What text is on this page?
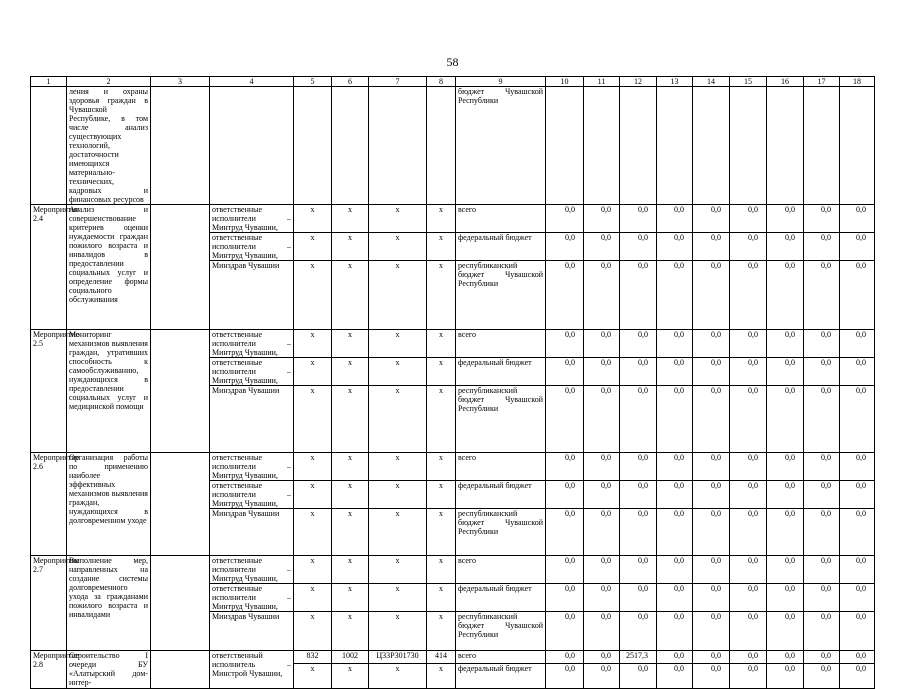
58
1	2	3	4	5	6	7	8	9	10	11	12	13	14	15	16	17	18
	ления и охраны здоровья граждан в Чувашской Республике, в том числе анализ существующих технологий, достаточности имеющихся материально-технических, кадровых и финансовых ресурсов							бюджет Чувашской Республики									
Мероприятие 2.4	Анализ и совершенствование критериев оценки нуждаемости граждан пожилого возраста и инвалидов в предоставлении социальных услуг и определение формы социального обслуживания		ответственные исполнители – Минтруд Чувашии,	x	x	x	x	всего	0,0	0,0	0,0	0,0	0,0	0,0	0,0	0,0	0,0
			ответственные исполнители – Минтруд Чувашии,	x	x	x	x	федеральный бюджет	0,0	0,0	0,0	0,0	0,0	0,0	0,0	0,0	0,0
			Минздрав Чувашии	x	x	x	x	республиканский бюджет Чувашской Республики	0,0	0,0	0,0	0,0	0,0	0,0	0,0	0,0	0,0
Мероприятие 2.5	Мониторинг механизмов выявления граждан, утративших способность к самообслуживанию, нуждающихся в предоставлении социальных услуг и медицинской помощи		ответственные исполнители – Минтруд Чувашии,	x	x	x	x	всего	0,0	0,0	0,0	0,0	0,0	0,0	0,0	0,0	0,0
			ответственные исполнители – Минтруд Чувашии,	x	x	x	x	федеральный бюджет	0,0	0,0	0,0	0,0	0,0	0,0	0,0	0,0	0,0
			Минздрав Чувашии	x	x	x	x	республиканский бюджет Чувашской Республики	0,0	0,0	0,0	0,0	0,0	0,0	0,0	0,0	0,0
Мероприятие 2.6	Организация работы по применению наиболее эффективных механизмов выявления граждан, нуждающихся в долговременном уходе		ответственные исполнители – Минтруд Чувашии,	x	x	x	x	всего	0,0	0,0	0,0	0,0	0,0	0,0	0,0	0,0	0,0
			ответственные исполнители – Минтруд Чувашии,	x	x	x	x	федеральный бюджет	0,0	0,0	0,0	0,0	0,0	0,0	0,0	0,0	0,0
			Минздрав Чувашии	x	x	x	x	республиканский бюджет Чувашской Республики	0,0	0,0	0,0	0,0	0,0	0,0	0,0	0,0	0,0
Мероприятие 2.7	Выполнение мер, направленных на создание системы долговременного ухода за гражданами пожилого возраста и инвалидами		ответственные исполнители – Минтруд Чувашии,	x	x	x	x	всего	0,0	0,0	0,0	0,0	0,0	0,0	0,0	0,0	0,0
			ответственные исполнители – Минтруд Чувашии,	x	x	x	x	федеральный бюджет	0,0	0,0	0,0	0,0	0,0	0,0	0,0	0,0	0,0
			Минздрав Чувашии	x	x	x	x	республиканский бюджет Чувашской Республики	0,0	0,0	0,0	0,0	0,0	0,0	0,0	0,0	0,0
Мероприятие 2.8	Строительство I очереди БУ «Алатырский дом-интер-		ответственный исполнитель – Минстрой Чувашии,	832	1002	Ц33Р301730	414	всего	0,0	0,0	2517,3	0,0	0,0	0,0	0,0	0,0	0,0
				x	x	x	x	федеральный бюджет	0,0	0,0	0,0	0,0	0,0	0,0	0,0	0,0	0,0
